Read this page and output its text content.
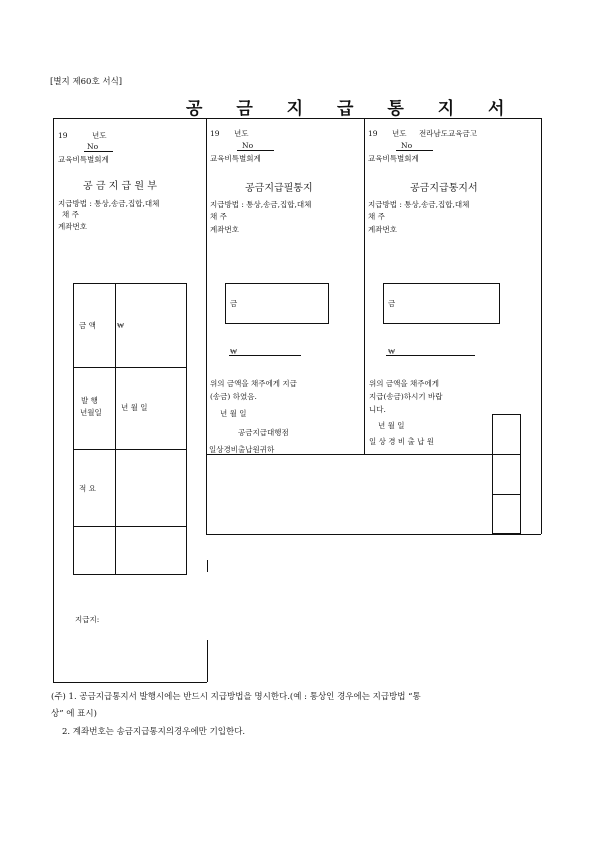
[별지 제60호 서식]
공 금 지 급 통 지 서
19	년도
No
교육비특별회계
공 금 지 급 원 부
지급방법 : 통상,송금,집합,대체
채 주
계좌번호
금 액	₩
발 행
년월일
년 월 일
적 요
지급지:
19 년도
No
교육비특별회계
공금지급필통지
지급방법 : 통상,송금,집합,대체
채 주
계좌번호
금
₩
위의 금액을 채주에게 지급
(송금) 하였음.
년 월 일
공금지급대행점
일상경비출납원귀하
19 년도 전라남도교육금고
No
교육비특별회계
공금지급통지서
지급방법 : 통상,송금,집합,대체
채 주
계좌번호
금
₩
위의 금액을 채주에게
지급(송금)하시기 바랍
니다.
년 월 일
일 상 경 비 출 납 원
(주) 1. 공금지급통지서 발행시에는 반드시 지급방법을 명시한다.(예 : 통상인 경우에는 지급방법 “통
상” 에 표시)
2. 계좌번호는 송금지급통지의경우에만 기입한다.
